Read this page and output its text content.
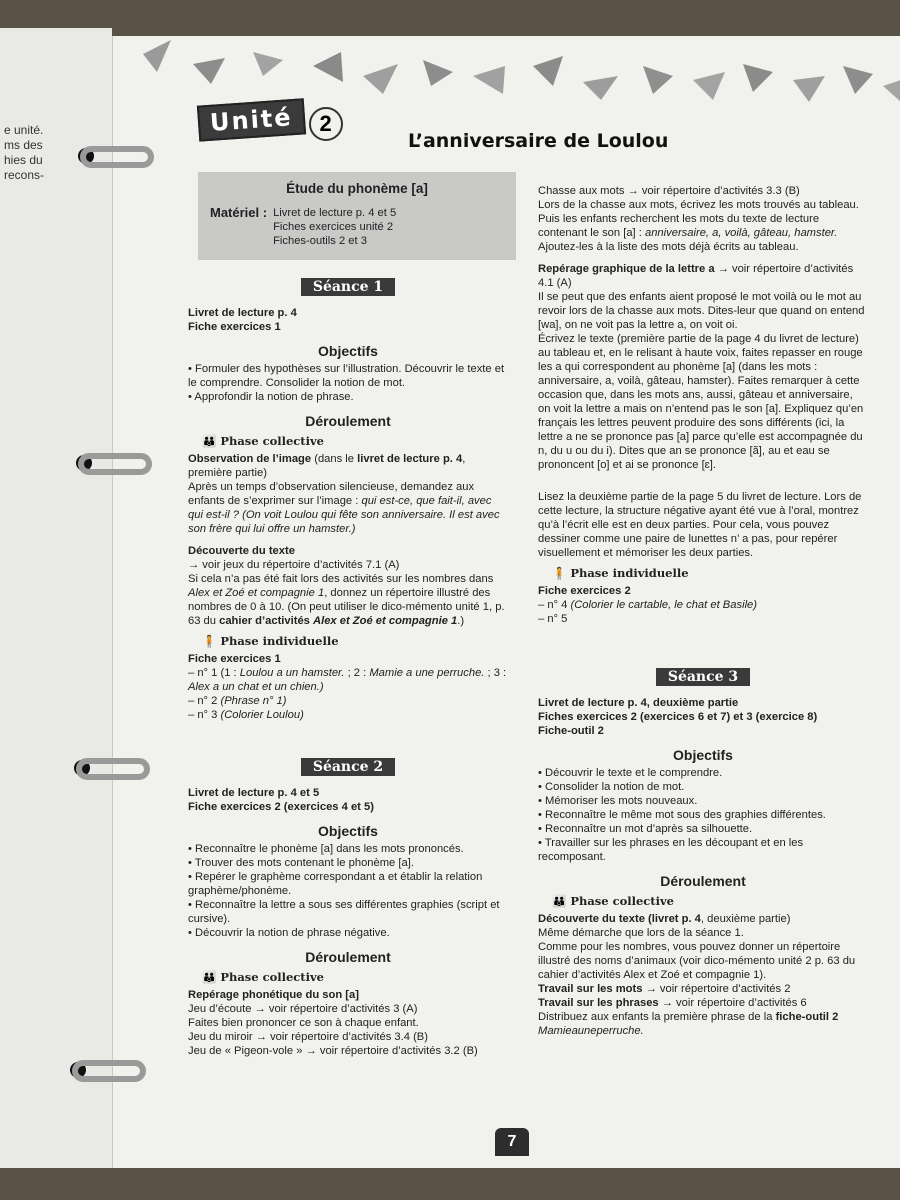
e unité.

ms des

hies du

recons-

Unité 2
L’anniversaire de Loulou
Étude du phonème [a]
Matériel :	Livret de lecture p. 4 et 5
Fiches exercices unité 2
Fiches-outils 2 et 3
Séance 1

Livret de lecture p. 4

Fiche exercices 1

Objectifs

• Formuler des hypothèses sur l’illustration. Découvrir le texte et le comprendre. Consolider la notion de mot.

• Approfondir la notion de phrase.

Déroulement
👪 Phase collective

Observation de l’image (dans le livret de lecture p. 4, première partie)

Après un temps d’observation silencieuse, demandez aux enfants de s’exprimer sur l’image : qui est-ce, que fait-il, avec qui est-il ? (On voit Loulou qui fête son anniversaire. Il est avec son frère qui lui offre un hamster.)

Découverte du texte

→ voir jeux du répertoire d’activités 7.1 (A)

Si cela n’a pas été fait lors des activités sur les nombres dans Alex et Zoé et compagnie 1, donnez un répertoire illustré des nombres de 0 à 10. (On peut utiliser le dico-mémento unité 1, p. 63 du cahier d’activités Alex et Zoé et compagnie 1.)

🧍 Phase individuelle

Fiche exercices 1

– n° 1 (1 : Loulou a un hamster. ; 2 : Mamie a une perruche. ; 3 : Alex a un chat et un chien.)

– n° 2 (Phrase n° 1)

– n° 3 (Colorier Loulou)

Séance 2

Livret de lecture p. 4 et 5

Fiche exercices 2 (exercices 4 et 5)

Objectifs

• Reconnaître le phonème [a] dans les mots prononcés.

• Trouver des mots contenant le phonème [a].

• Repérer le graphème correspondant a et établir la relation graphème/phonème.

• Reconnaître la lettre a sous ses différentes graphies (script et cursive).

• Découvrir la notion de phrase négative.

Déroulement
👪 Phase collective

Repérage phonétique du son [a]

Jeu d’écoute → voir répertoire d’activités 3 (A)

Faites bien prononcer ce son à chaque enfant.

Jeu du miroir → voir répertoire d’activités 3.4 (B)

Jeu de « Pigeon-vole » → voir répertoire d’activités 3.2 (B)

Chasse aux mots → voir répertoire d’activités 3.3 (B)

Lors de la chasse aux mots, écrivez les mots trouvés au tableau. Puis les enfants recherchent les mots du texte de lecture contenant le son [a] : anniversaire, a, voilà, gâteau, hamster. Ajoutez-les à la liste des mots déjà écrits au tableau.

Repérage graphique de la lettre a → voir répertoire d’activités 4.1 (A)

Il se peut que des enfants aient proposé le mot voilà ou le mot au revoir lors de la chasse aux mots. Dites-leur que quand on entend [wa], on ne voit pas la lettre a, on voit oi.

Écrivez le texte (première partie de la page 4 du livret de lecture) au tableau et, en le relisant à haute voix, faites repasser en rouge les a qui correspondent au phonème [a] (dans les mots : anniversaire, a, voilà, gâteau, hamster). Faites remarquer à cette occasion que, dans les mots ans, aussi, gâteau et anniversaire, on voit la lettre a mais on n’entend pas le son [a]. Expliquez qu’en français les lettres peuvent produire des sons différents (ici, la lettre a ne se prononce pas [a] parce qu’elle est accompagnée du n, du u ou du i). Dites que an se prononce [ã], au et eau se prononcent [o] et ai se prononce [ɛ].

Lisez la deuxième partie de la page 5 du livret de lecture. Lors de cette lecture, la structure négative ayant été vue à l’oral, montrez qu’à l’écrit elle est en deux parties. Pour cela, vous pouvez dessiner comme une paire de lunettes n’ a pas, pour repérer visuellement et mémoriser les deux parties.

🧍 Phase individuelle

Fiche exercices 2

– n° 4 (Colorier le cartable, le chat et Basile)

– n° 5

Séance 3

Livret de lecture p. 4, deuxième partie

Fiches exercices 2 (exercices 6 et 7) et 3 (exercice 8)

Fiche-outil 2

Objectifs

• Découvrir le texte et le comprendre.

• Consolider la notion de mot.

• Mémoriser les mots nouveaux.

• Reconnaître le même mot sous des graphies différentes.

• Reconnaître un mot d’après sa silhouette.

• Travailler sur les phrases en les découpant et en les recomposant.

Déroulement
👪 Phase collective

Découverte du texte (livret p. 4, deuxième partie)

Même démarche que lors de la séance 1.

Comme pour les nombres, vous pouvez donner un répertoire illustré des noms d’animaux (voir dico-mémento unité 2 p. 63 du cahier d’activités Alex et Zoé et compagnie 1).

Travail sur les mots → voir répertoire d’activités 2

Travail sur les phrases → voir répertoire d’activités 6

Distribuez aux enfants la première phrase de la fiche-outil 2

Mamieauneperruche.

7
